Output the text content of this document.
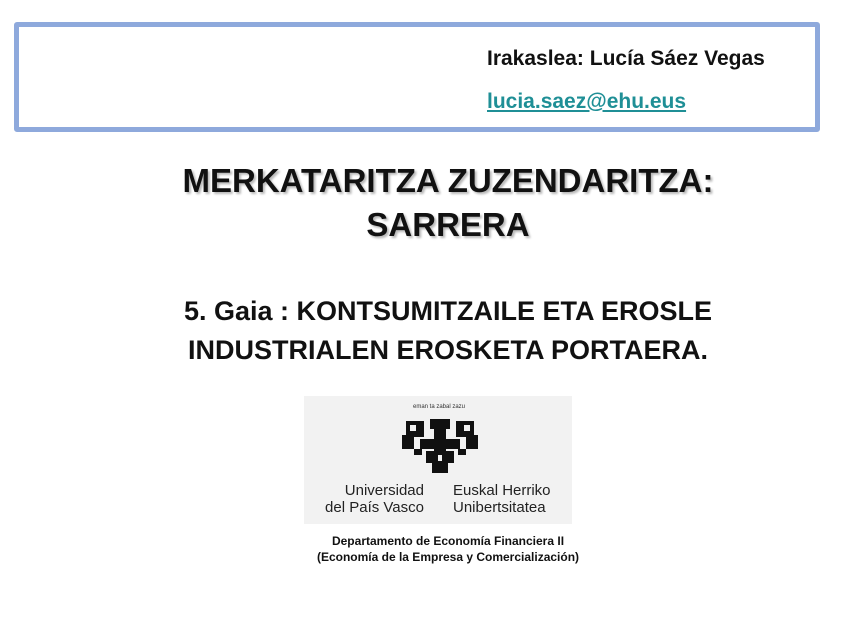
Irakaslea: Lucía Sáez Vegas
lucia.saez@ehu.eus
MERKATARITZA ZUZENDARITZA:
SARRERA
5. Gaia : KONTSUMITZAILE ETA EROSLE
INDUSTRIALEN EROSKETA PORTAERA.
eman ta zabal zazu
Universidad
del País Vasco
Euskal Herriko
Unibertsitatea
Departamento de Economía Financiera II
(Economía de la Empresa y Comercialización)
